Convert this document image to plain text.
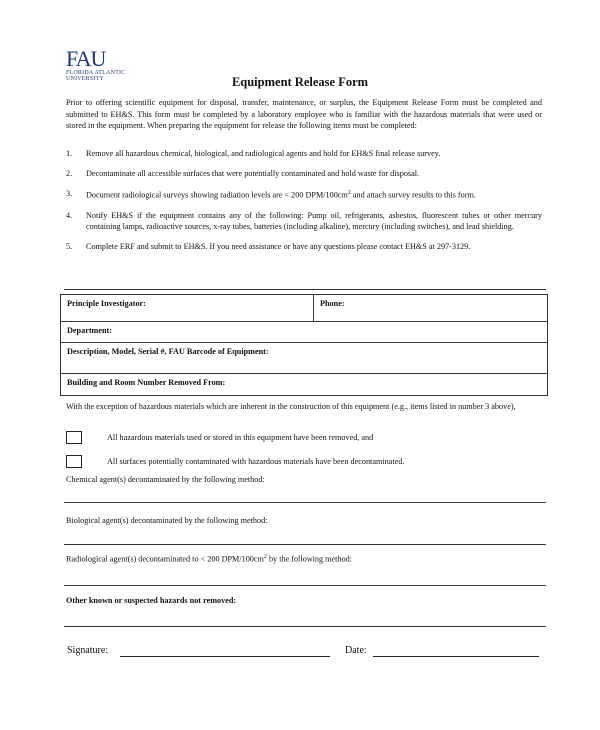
FAU
FLORIDA ATLANTIC
UNIVERSITY	Equipment Release Form
Prior to offering scientific equipment for disposal, transfer, maintenance, or surplus, the Equipment Release Form must be completed and submitted to EH&S. This form must be completed by a laboratory employee who is familiar with the hazardous materials that were used or stored in the equipment. When preparing the equipment for release the following items must be completed:
1.	Remove all hazardous chemical, biological, and radiological agents and hold for EH&S final release survey.
2.	Decontaminate all accessible surfaces that were potentially contaminated and hold waste for disposal.
3.	Document radiological surveys showing radiation levels are < 200 DPM/$100cm^2$ and attach survey results to this form.
4.	Notify EH&S if the equipment contains any of the following: Pump oil, refrigerants, asbestos, fluorescent tubes or other mercury containing lamps, radioactive sources, x-ray tubes, batteries (including alkaline), mercury (including switches), and lead shielding.
5.	Complete ERF and submit to EH&S. If you need assistance or have any questions please contact EH&S at 297-3129.
Principle Investigator:	Phone:
Department:
Description, Model, Serial #, FAU Barcode of Equipment:
Building and Room Number Removed From:
With the exception of hazardous materials which are inherent in the construction of this equipment (e.g., items listed in number 3 above),
All hazardous materials used or stored in this equipment have been removed, and
All surfaces potentially contaminated with hazardous materials have been decontaminated.
Chemical agent(s) decontaminated by the following method:
Biological agent(s) decontaminated by the following method:
Radiological agent(s) decontaminated to < 200 DPM/$100cm^2$ by the following method:
Other known or suspected hazards not removed:
Signature:	Date:
